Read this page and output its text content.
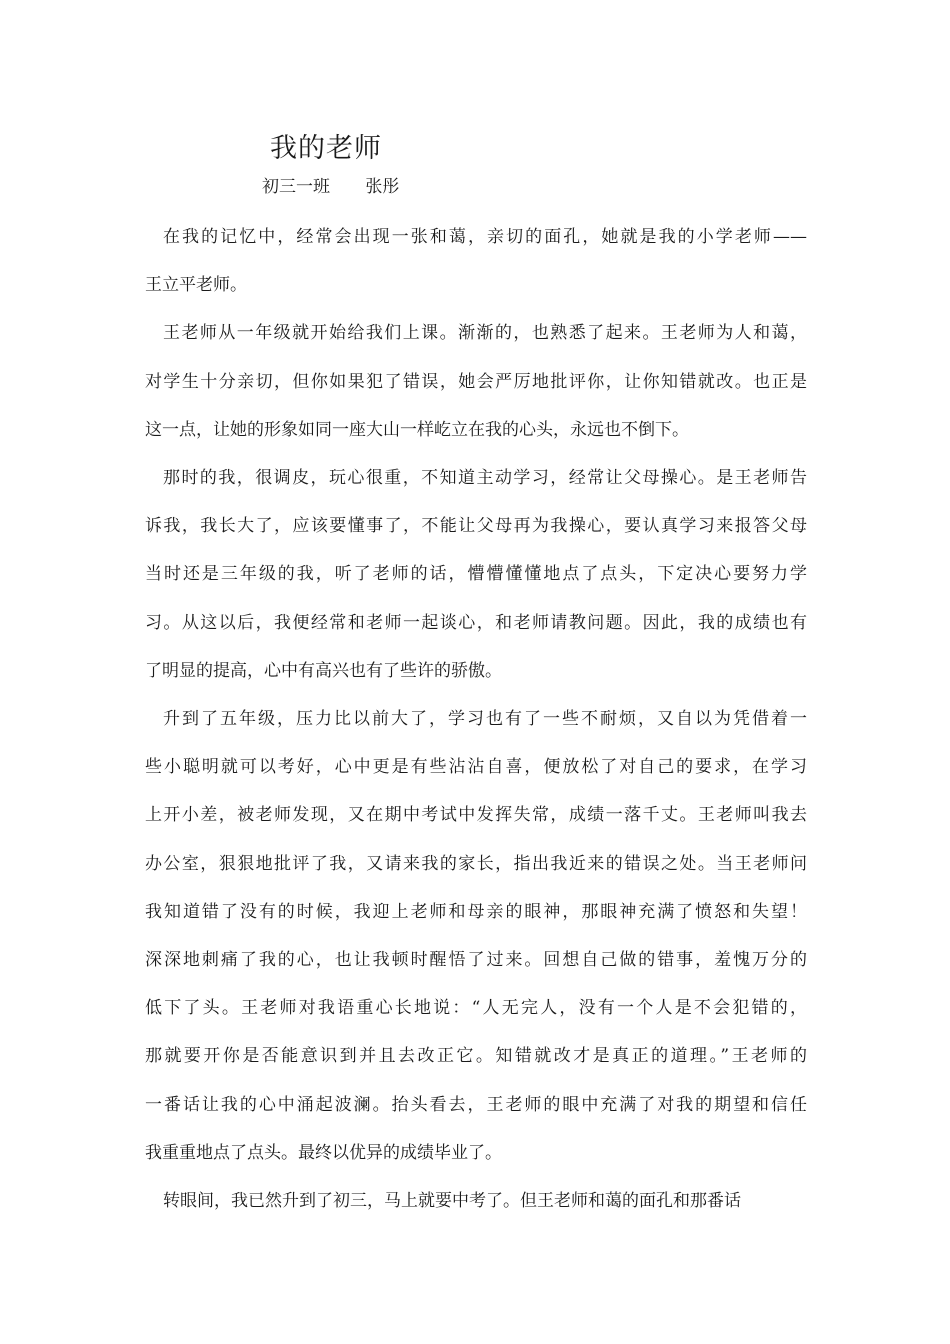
我的老师
初三一班 张彤
在我的记忆中，经常会出现一张和蔼，亲切的面孔，她就是我的小学老师——
王立平老师。
王老师从一年级就开始给我们上课。渐渐的，也熟悉了起来。王老师为人和蔼，
对学生十分亲切，但你如果犯了错误，她会严厉地批评你，让你知错就改。也正是
这一点，让她的形象如同一座大山一样屹立在我的心头，永远也不倒下。
那时的我，很调皮，玩心很重，不知道主动学习，经常让父母操心。是王老师告
诉我，我长大了，应该要懂事了，不能让父母再为我操心，要认真学习来报答父母
当时还是三年级的我，听了老师的话，懵懵懂懂地点了点头，下定决心要努力学
习。从这以后，我便经常和老师一起谈心，和老师请教问题。因此，我的成绩也有
了明显的提高，心中有高兴也有了些许的骄傲。
升到了五年级，压力比以前大了，学习也有了一些不耐烦，又自以为凭借着一
些小聪明就可以考好，心中更是有些沾沾自喜，便放松了对自己的要求，在学习
上开小差，被老师发现，又在期中考试中发挥失常，成绩一落千丈。王老师叫我去
办公室，狠狠地批评了我，又请来我的家长，指出我近来的错误之处。当王老师问
我知道错了没有的时候，我迎上老师和母亲的眼神，那眼神充满了愤怒和失望！
深深地刺痛了我的心，也让我顿时醒悟了过来。回想自己做的错事，羞愧万分的
低下了头。王老师对我语重心长地说：“人无完人，没有一个人是不会犯错的，
那就要开你是否能意识到并且去改正它。知错就改才是真正的道理。”王老师的
一番话让我的心中涌起波澜。抬头看去，王老师的眼中充满了对我的期望和信任
我重重地点了点头。最终以优异的成绩毕业了。
转眼间，我已然升到了初三，马上就要中考了。但王老师和蔼的面孔和那番话
